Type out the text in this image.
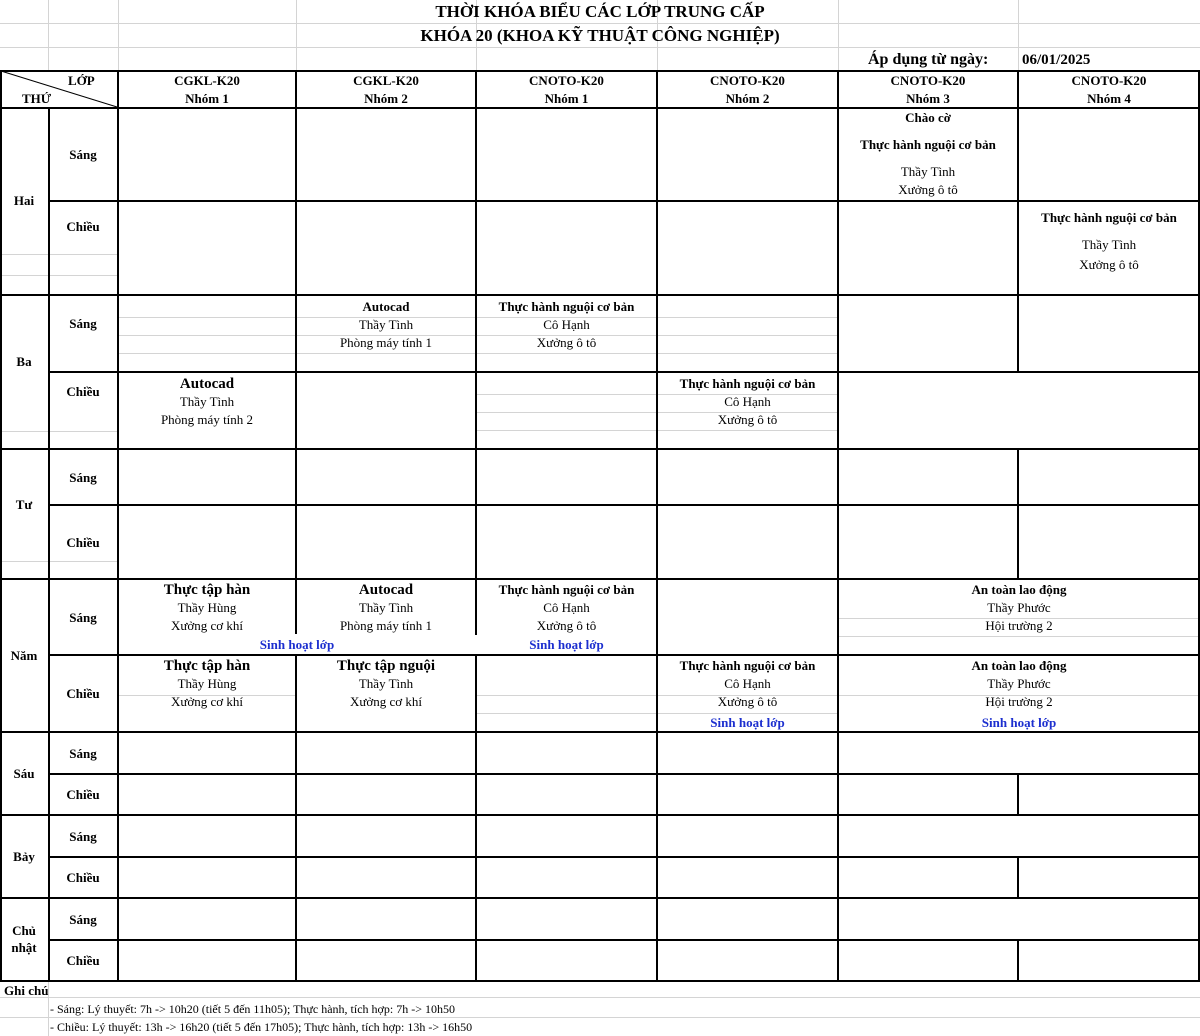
THỜI KHÓA BIỂU CÁC LỚP TRUNG CẤP
KHÓA 20 (KHOA KỸ THUẬT CÔNG NGHIỆP)
Áp dụng từ ngày: 06/01/2025
LỚP
THỨ
CGKL-K20
Nhóm 1
CGKL-K20
Nhóm 2
CNOTO-K20
Nhóm 1
CNOTO-K20
Nhóm 2
CNOTO-K20
Nhóm 3
CNOTO-K20
Nhóm 4
Hai
Ba
Tư
Năm
Sáu
Bảy
Chủ nhật
Sáng
Chiều
Sáng
Chiều
Sáng
Chiều
Sáng
Chiều
Sáng
Chiều
Sáng
Chiều
Sáng
Chiều
Chào cờ
Thực hành nguội cơ bản
Thầy Tình
Xưởng ô tô
Thực hành nguội cơ bản
Thầy Tình
Xưởng ô tô
Autocad
Thầy Tình
Phòng máy tính 1
Thực hành nguội cơ bản
Cô Hạnh
Xưởng ô tô
Autocad
Thầy Tình
Phòng máy tính 2
Thực hành nguội cơ bản
Cô Hạnh
Xưởng ô tô
Thực tập hàn
Thầy Hùng
Xưởng cơ khí
Autocad
Thầy Tình
Phòng máy tính 1
Thực hành nguội cơ bản
Cô Hạnh
Xưởng ô tô
An toàn lao động
Thầy Phước
Hội trường 2
Sinh hoạt lớp	Sinh hoạt lớp
Thực tập hàn
Thầy Hùng
Xưởng cơ khí
Thực tập nguội
Thầy Tình
Xưởng cơ khí
Thực hành nguội cơ bản
Cô Hạnh
Xưởng ô tô
An toàn lao động
Thầy Phước
Hội trường 2
Sinh hoạt lớp	Sinh hoạt lớp
Ghi chú
- Sáng: Lý thuyết: 7h -> 10h20 (tiết 5 đến 11h05); Thực hành, tích hợp: 7h -> 10h50
- Chiều: Lý thuyết: 13h -> 16h20 (tiết 5 đến 17h05); Thực hành, tích hợp: 13h -> 16h50
